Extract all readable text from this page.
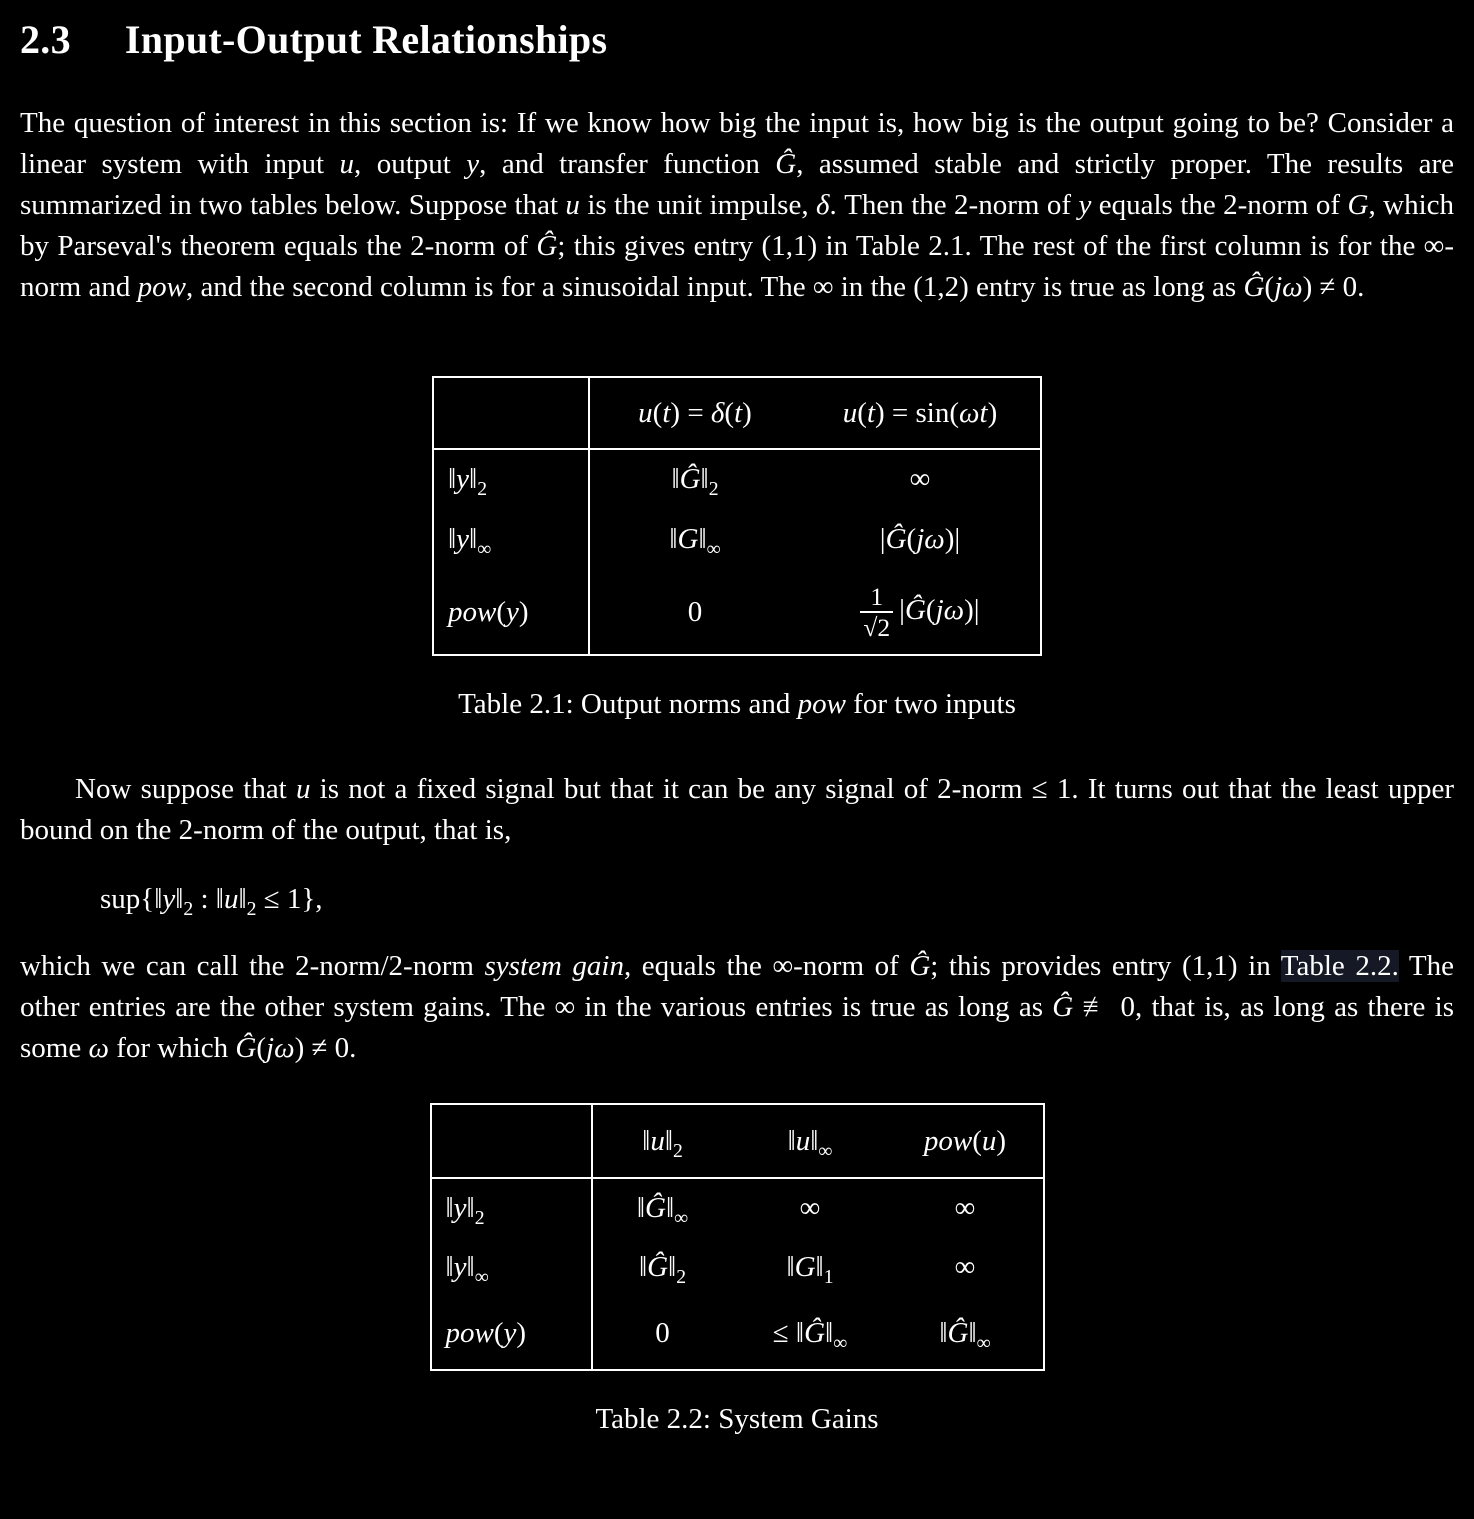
2.3 Input-Output Relationships

The question of interest in this section is: If we know how big the input is, how big is the output going to be? Consider a linear system with input u, output y, and transfer function Ĝ, assumed stable and strictly proper. The results are summarized in two tables below. Suppose that u is the unit impulse, δ. Then the 2-norm of y equals the 2-norm of G, which by Parseval's theorem equals the 2-norm of Ĝ; this gives entry (1,1) in Table 2.1. The rest of the first column is for the ∞-norm and pow, and the second column is for a sinusoidal input. The ∞ in the (1,2) entry is true as long as Ĝ(jω) ≠ 0.

	u(t) = δ(t)	u(t) = sin(ωt)
$‖y‖_2$	$‖Ĝ‖_2$	∞
$‖y‖_\infty$	$‖G‖_\infty$	|Ĝ(jω)|
pow(y)	0	$\frac{1}{√2}$ |Ĝ(jω)|
Table 2.1: Output norms and pow for two inputs

Now suppose that u is not a fixed signal but that it can be any signal of 2-norm ≤ 1. It turns out that the least upper bound on the 2-norm of the output, that is,

$sup\{‖y‖_2$ : $‖u‖_2 \le 1$},

which we can call the 2-norm/2-norm system gain, equals the ∞-norm of Ĝ; this provides entry (1,1) in Table 2.2. The other entries are the other system gains. The ∞ in the various entries is true as long as Ĝ ≢ 0, that is, as long as there is some ω for which Ĝ(jω) ≠ 0.

	$‖u‖_2$	$‖u‖_\infty$	pow(u)
$‖y‖_2$	$‖Ĝ‖_\infty$	∞	∞
$‖y‖_\infty$	$‖Ĝ‖_2$	$‖G‖_1$	∞
pow(y)	0	≤ $‖Ĝ‖_\infty$	$‖Ĝ‖_\infty$
Table 2.2: System Gains
